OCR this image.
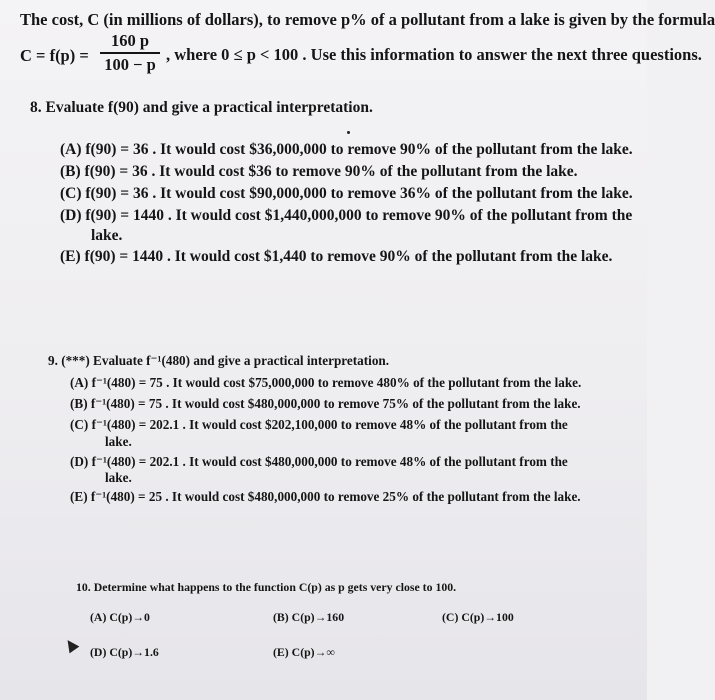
The cost, C (in millions of dollars), to remove p% of a pollutant from a lake is given by the formula
C = f(p) =
160 p
100 − p
, where 0 ≤ p < 100 . Use this information to answer the next three questions.
8. Evaluate f(90) and give a practical interpretation.
(A) f(90) = 36 . It would cost $36,000,000 to remove 90% of the pollutant from the lake.
(B) f(90) = 36 . It would cost $36 to remove 90% of the pollutant from the lake.
(C) f(90) = 36 . It would cost $90,000,000 to remove 36% of the pollutant from the lake.
(D) f(90) = 1440 . It would cost $1,440,000,000 to remove 90% of the pollutant from the
lake.
(E) f(90) = 1440 . It would cost $1,440 to remove 90% of the pollutant from the lake.
9. (***) Evaluate f⁻¹(480) and give a practical interpretation.
(A) f⁻¹(480) = 75 . It would cost $75,000,000 to remove 480% of the pollutant from the lake.
(B) f⁻¹(480) = 75 . It would cost $480,000,000 to remove 75% of the pollutant from the lake.
(C) f⁻¹(480) = 202.1 . It would cost $202,100,000 to remove 48% of the pollutant from the
lake.
(D) f⁻¹(480) = 202.1 . It would cost $480,000,000 to remove 48% of the pollutant from the
lake.
(E) f⁻¹(480) = 25 . It would cost $480,000,000 to remove 25% of the pollutant from the lake.
10. Determine what happens to the function C(p) as p gets very close to 100.
(A) C(p)→0	(B) C(p)→160	(C) C(p)→100
(D) C(p)→1.6	(E) C(p)→∞
